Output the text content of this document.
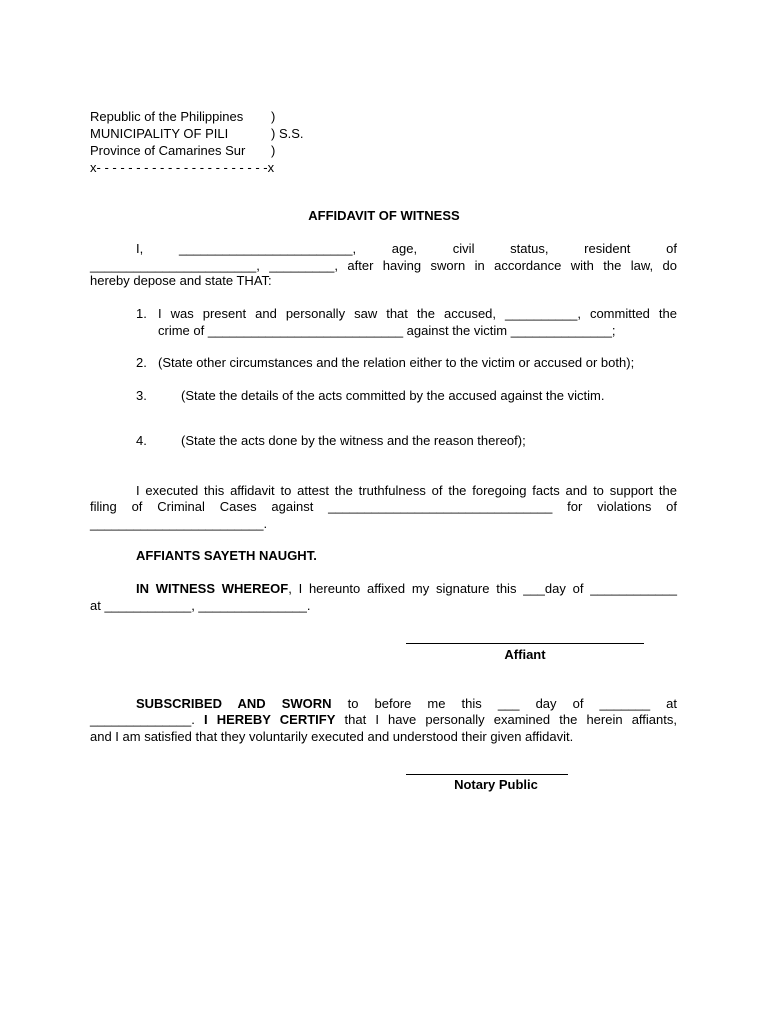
Republic of the Philippines )
MUNICIPALITY OF PILI	) S.S.
Province of Camarines Sur )
x- - - - - - - - - - - - - - - - - - - - - -x
AFFIDAVIT OF WITNESS
I,	________________________,	age,	civil	status,	resident	of
_______________________, _________, after having sworn in accordance with the law, do
hereby depose and state THAT:
1. I was present and personally saw that the accused, __________, committed the
crime of ___________________________ against the victim ______________;
2. (State other circumstances and the relation either to the victim or accused or both);
3.	(State the details of the acts committed by the accused against the victim.
4.	(State the acts done by the witness and the reason thereof);
I executed this affidavit to attest the truthfulness of the foregoing facts and to support the
filing of Criminal Cases against _______________________________ for violations of
________________________.
AFFIANTS SAYETH NAUGHT.
IN WITNESS WHEREOF, I hereunto affixed my signature this ___day of ____________
at ____________, _______________.
Affiant
SUBSCRIBED AND SWORN to before me this ___ day of _______ at
______________. I HEREBY CERTIFY that I have personally examined the herein affiants,
and I am satisfied that they voluntarily executed and understood their given affidavit.
Notary Public
